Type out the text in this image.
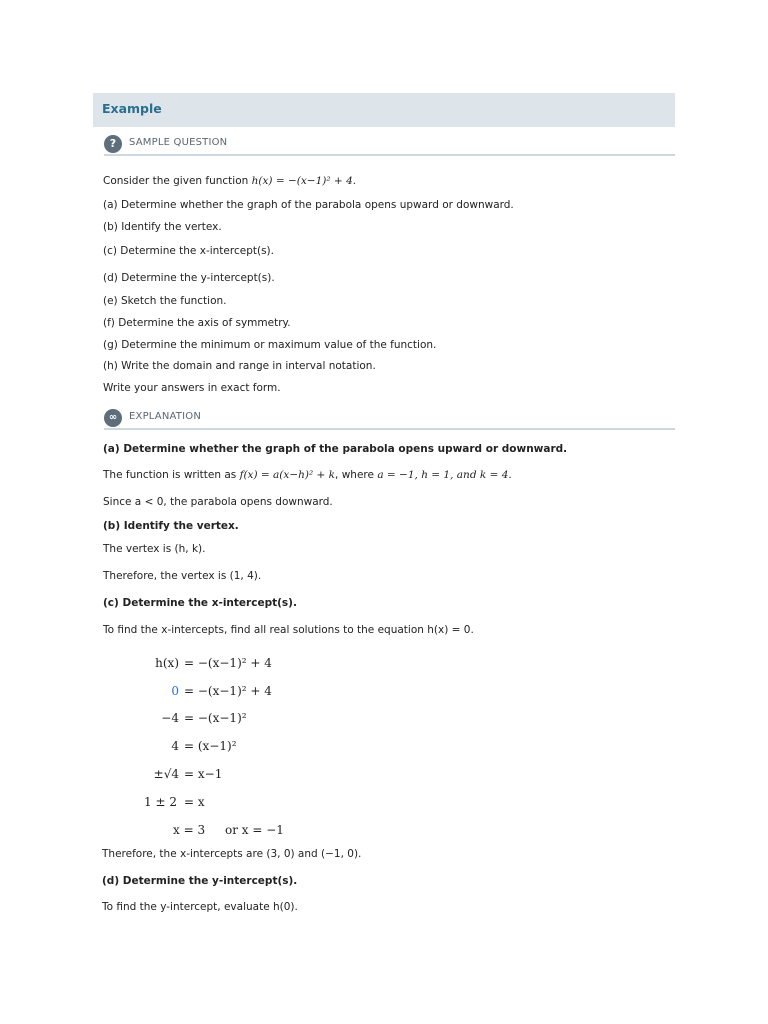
Example
?	SAMPLE QUESTION
Consider the given function h(x) = −(x−1)² + 4.
(a) Determine whether the graph of the parabola opens upward or downward.
(b) Identify the vertex.
(c) Determine the x-intercept(s).
(d) Determine the y-intercept(s).
(e) Sketch the function.
(f) Determine the axis of symmetry.
(g) Determine the minimum or maximum value of the function.
(h) Write the domain and range in interval notation.
Write your answers in exact form.
∞	EXPLANATION
(a) Determine whether the graph of the parabola opens upward or downward.
The function is written as f(x) = a(x−h)² + k, where a = −1, h = 1, and k = 4.
Since a < 0, the parabola opens downward.
(b) Identify the vertex.
The vertex is (h, k).
Therefore, the vertex is (1, 4).
(c) Determine the x-intercept(s).
To find the x-intercepts, find all real solutions to the equation h(x) = 0.
h(x) = −(x−1)² + 4
0 = −(x−1)² + 4
−4 = −(x−1)²
4 = (x−1)²
±√4 = x−1
1 ± 2 = x
x = 3 or x = −1
Therefore, the x-intercepts are (3, 0) and (−1, 0).
(d) Determine the y-intercept(s).
To find the y-intercept, evaluate h(0).
